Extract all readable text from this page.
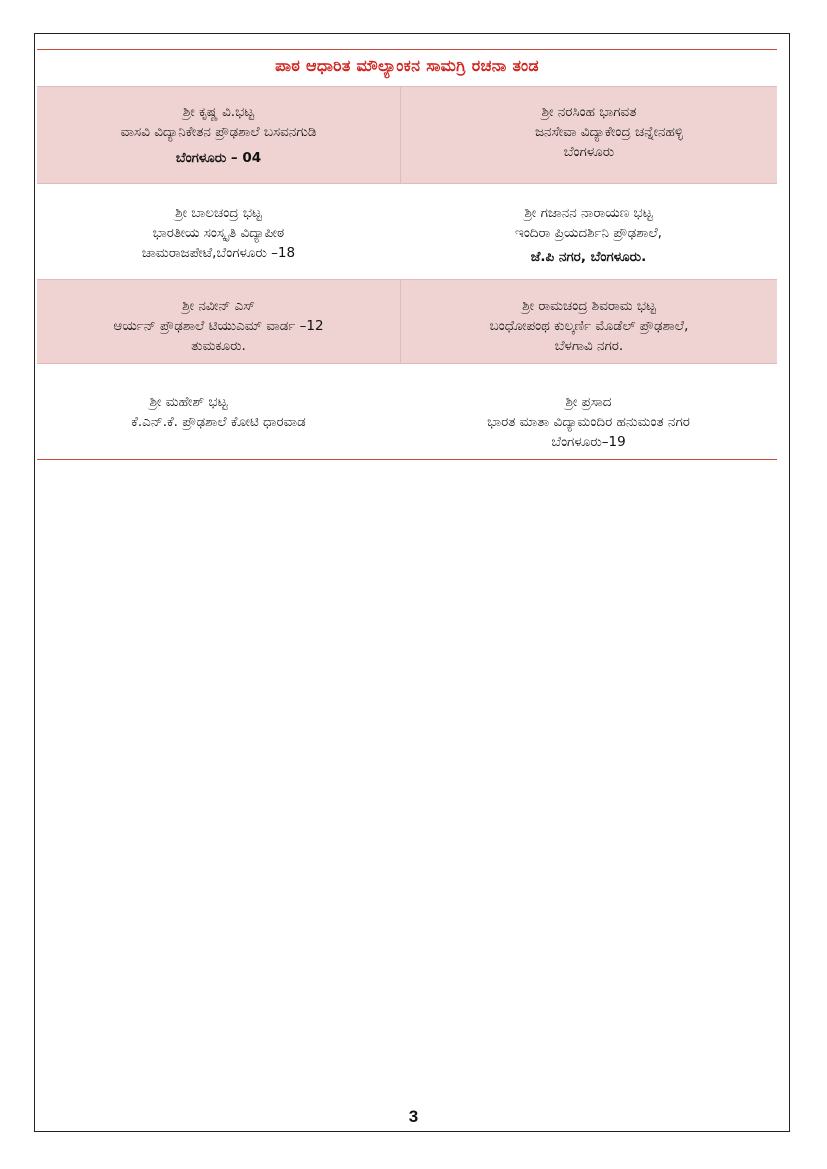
ಪಾಠ ಆಧಾರಿತ ಮೌಲ್ಯಾಂಕನ ಸಾಮಗ್ರಿ ರಚನಾ ತಂಡ
ಶ್ರೀ ಕೃಷ್ಣ ವಿ.ಭಟ್ಟ
ವಾಸವಿ ವಿದ್ಯಾನಿಕೇತನ ಪ್ರೌಢಶಾಲೆ ಬಸವನಗುಡಿ
ಬೆಂಗಳೂರು – 04
ಶ್ರೀ ನರಸಿಂಹ ಭಾಗವತ
ಜನಸೇವಾ ವಿದ್ಯಾಕೇಂದ್ರ ಚನ್ನೇನಹಳ್ಳಿ
ಬೆಂಗಳೂರು
ಶ್ರೀ ಬಾಲಚಂದ್ರ ಭಟ್ಟ
ಭಾರತೀಯ ಸಂಸ್ಕೃತಿ ವಿದ್ಯಾಪೀಠ
ಚಾಮರಾಜಪೇಟೆ,ಬೆಂಗಳೂರು –18
ಶ್ರೀ ಗಜಾನನ ನಾರಾಯಣ ಭಟ್ಟ
ಇಂದಿರಾ ಪ್ರಿಯದರ್ಶಿನಿ ಪ್ರೌಢಶಾಲೆ,
ಜೆ.ಪಿ ನಗರ, ಬೆಂಗಳೂರು.
ಶ್ರೀ ನವೀನ್ ಎಸ್
ಆರ್ಯನ್ ಪ್ರೌಢಶಾಲೆ ಟಿಯುಎಮ್ ವಾರ್ಡ –12
ತುಮಕೂರು.
ಶ್ರೀ ರಾಮಚಂದ್ರ ಶಿವರಾಮ ಭಟ್ಟ
ಬಂಧೋಪಂಥ ಕುಲ್ಕರ್ಣಿ ಮೊಡೆಲ್ ಪ್ರೌಢಶಾಲೆ,
ಬೆಳಗಾವಿ ನಗರ.
ಶ್ರೀ ಮಹೇಶ್ ಭಟ್ಟ
ಕೆ.ಎನ್.ಕೆ. ಪ್ರೌಢಶಾಲೆ ಕೋಟಿ ಧಾರವಾಡ
ಶ್ರೀ ಪ್ರಸಾದ
ಭಾರತ ಮಾತಾ ವಿದ್ಯಾಮಂದಿರ ಹನುಮಂತ ನಗರ
ಬೆಂಗಳೂರು–19
3
